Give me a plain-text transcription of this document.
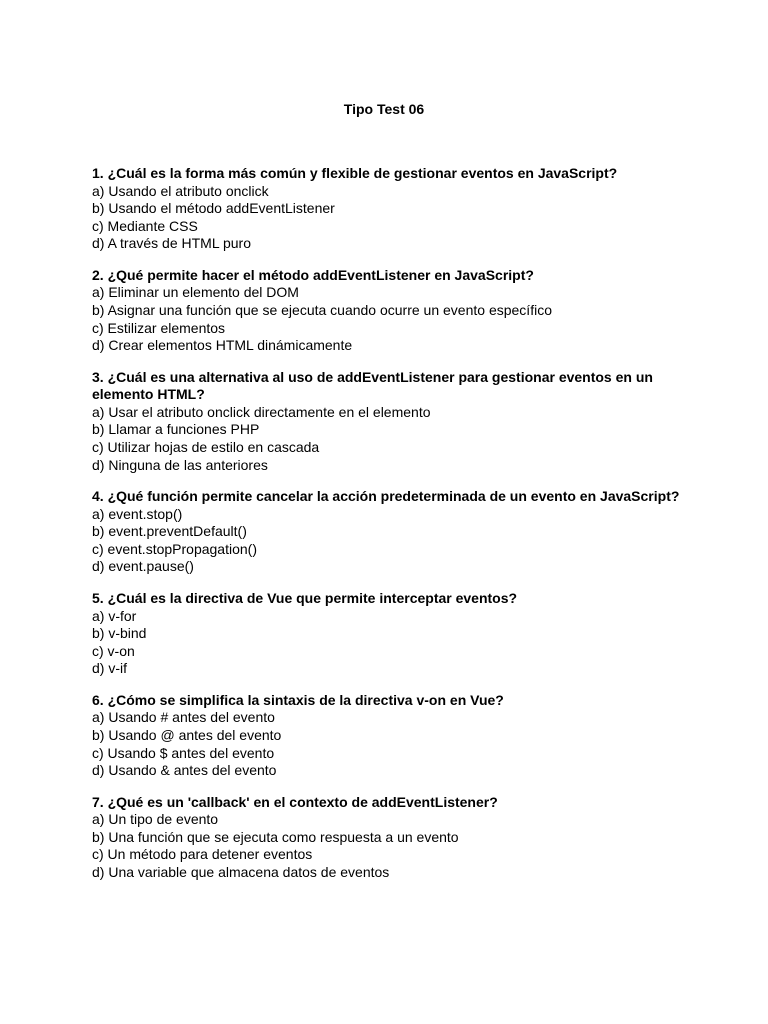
Tipo Test 06

1. ¿Cuál es la forma más común y flexible de gestionar eventos en JavaScript?

a) Usando el atributo onclick

b) Usando el método addEventListener

c) Mediante CSS

d) A través de HTML puro

2. ¿Qué permite hacer el método addEventListener en JavaScript?

a) Eliminar un elemento del DOM

b) Asignar una función que se ejecuta cuando ocurre un evento específico

c) Estilizar elementos

d) Crear elementos HTML dinámicamente

3. ¿Cuál es una alternativa al uso de addEventListener para gestionar eventos en un elemento HTML?

a) Usar el atributo onclick directamente en el elemento

b) Llamar a funciones PHP

c) Utilizar hojas de estilo en cascada

d) Ninguna de las anteriores

4. ¿Qué función permite cancelar la acción predeterminada de un evento en JavaScript?

a) event.stop()

b) event.preventDefault()

c) event.stopPropagation()

d) event.pause()

5. ¿Cuál es la directiva de Vue que permite interceptar eventos?

a) v-for

b) v-bind

c) v-on

d) v-if

6. ¿Cómo se simplifica la sintaxis de la directiva v-on en Vue?

a) Usando # antes del evento

b) Usando @ antes del evento

c) Usando $ antes del evento

d) Usando & antes del evento

7. ¿Qué es un 'callback' en el contexto de addEventListener?

a) Un tipo de evento

b) Una función que se ejecuta como respuesta a un evento

c) Un método para detener eventos

d) Una variable que almacena datos de eventos
